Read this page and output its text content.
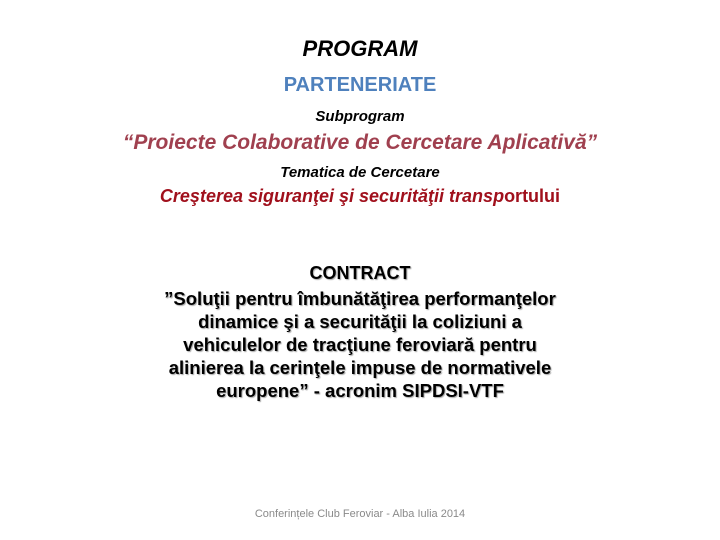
PROGRAM
PARTENERIATE
Subprogram
“Proiecte Colaborative de Cercetare Aplicativă”
Tematica de Cercetare
Creşterea siguranţei şi securităţii transportului
CONTRACT
”Soluţii pentru îmbunătăţirea performanţelor
dinamice şi a securităţii la coliziuni a
vehiculelor de tracţiune feroviară pentru
alinierea la cerinţele impuse de normativele
europene” - acronim SIPDSI-VTF
Conferințele Club Feroviar - Alba Iulia 2014
